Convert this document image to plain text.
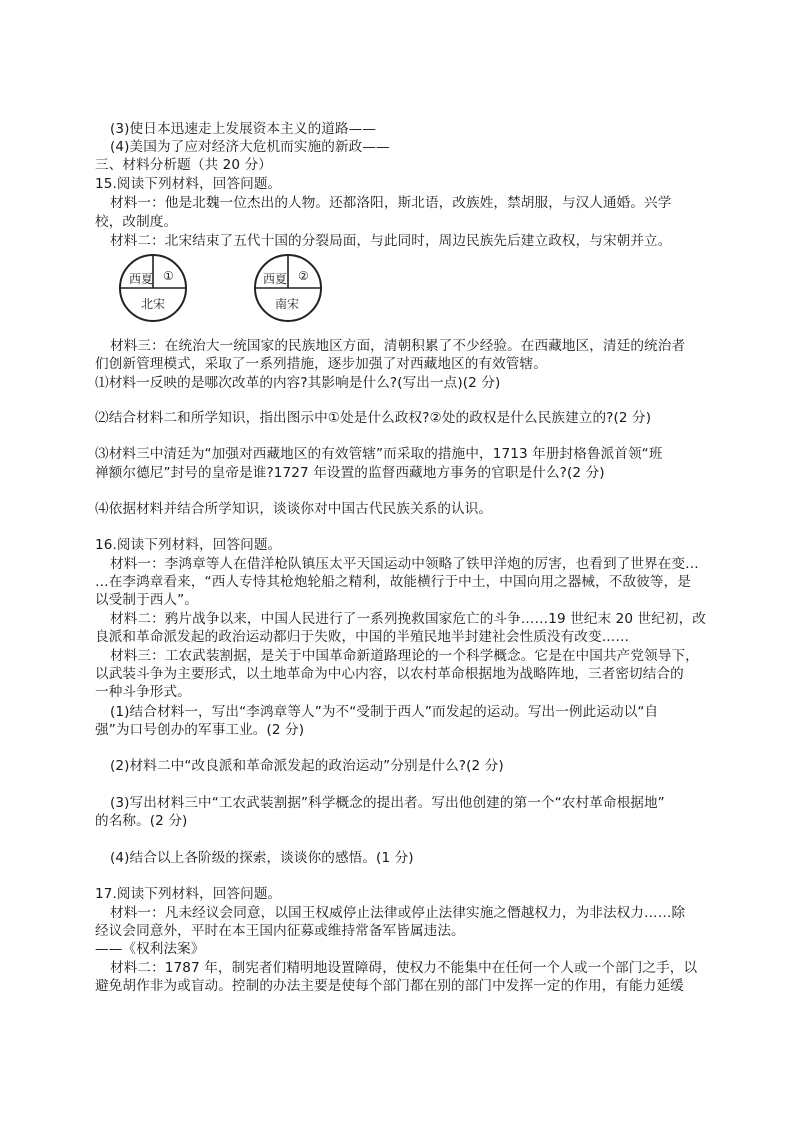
(3)使日本迅速走上发展资本主义的道路——
(4)美国为了应对经济大危机而实施的新政——
三、材料分析题（共 20 分）
15.阅读下列材料，回答问题。
材料一：他是北魏一位杰出的人物。还都洛阳，斯北语，改族姓，禁胡服，与汉人通婚。兴学
校，改制度。
材料二：北宋结束了五代十国的分裂局面，与此同时，周边民族先后建立政权，与宋朝并立。
西夏 ①
北宋
西夏 ②
南宋
材料三：在统治大一统国家的民族地区方面，清朝积累了不少经验。在西藏地区，清廷的统治者
们创新管理模式，采取了一系列措施，逐步加强了对西藏地区的有效管辖。
⑴材料一反映的是哪次改革的内容?其影响是什么?(写出一点)(2 分)
⑵结合材料二和所学知识，指出图示中①处是什么政权?②处的政权是什么民族建立的?(2 分)
⑶材料三中清廷为“加强对西藏地区的有效管辖”而采取的措施中，1713 年册封格鲁派首领“班
禅额尔德尼”封号的皇帝是谁?1727 年设置的监督西藏地方事务的官职是什么?(2 分)
⑷依据材料并结合所学知识，谈谈你对中国古代民族关系的认识。
16.阅读下列材料，回答问题。
材料一：李鸿章等人在借洋枪队镇压太平天国运动中领略了铁甲洋炮的厉害，也看到了世界在变…
…在李鸿章看来，“西人专恃其枪炮轮船之精利，故能横行于中土，中国向用之器械，不敌彼等，是
以受制于西人”。
材料二：鸦片战争以来，中国人民进行了一系列挽救国家危亡的斗争……19 世纪末 20 世纪初，改
良派和革命派发起的政治运动都归于失败，中国的半殖民地半封建社会性质没有改变……
材料三：工农武装割据，是关于中国革命新道路理论的一个科学概念。它是在中国共产党领导下，
以武装斗争为主要形式，以土地革命为中心内容，以农村革命根据地为战略阵地，三者密切结合的
一种斗争形式。
(1)结合材料一，写出“李鸿章等人”为不“受制于西人”而发起的运动。写出一例此运动以“自
强”为口号创办的军事工业。(2 分)
(2)材料二中“改良派和革命派发起的政治运动”分别是什么?(2 分)
(3)写出材料三中“工农武装割据”科学概念的提出者。写出他创建的第一个“农村革命根据地”
的名称。(2 分)
(4)结合以上各阶级的探索，谈谈你的感悟。(1 分)
17.阅读下列材料，回答问题。
材料一：凡未经议会同意，以国王权威停止法律或停止法律实施之僭越权力，为非法权力……除
经议会同意外，平时在本王国内征募或维持常备军皆属违法。
——《权利法案》
材料二：1787 年，制宪者们精明地设置障碍，使权力不能集中在任何一个人或一个部门之手，以
避免胡作非为或盲动。控制的办法主要是使每个部门都在别的部门中发挥一定的作用，有能力延缓
